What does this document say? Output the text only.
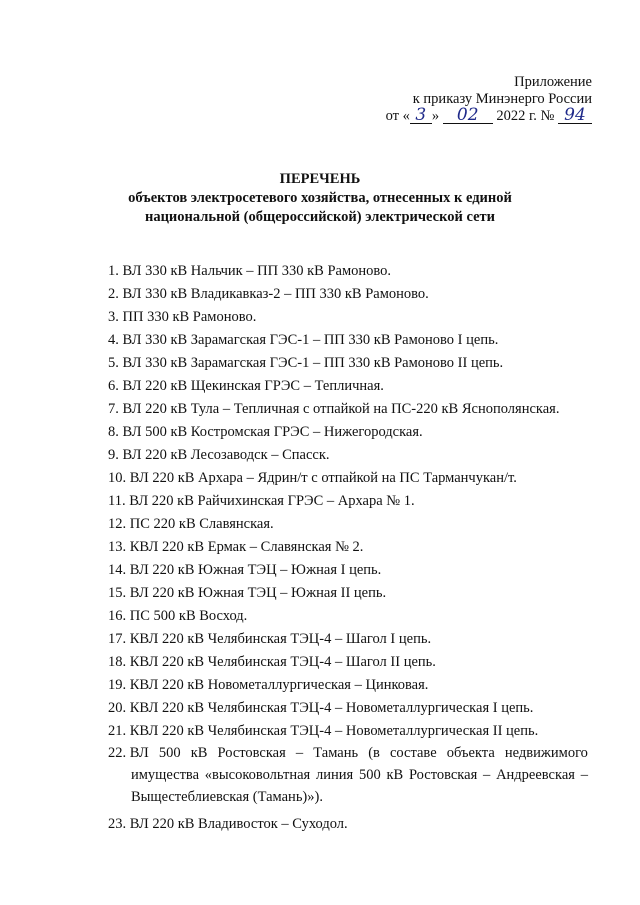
Приложение
к приказу Минэнерго России
от « 3 » 02 2022 г. № 94
ПЕРЕЧЕНЬ
объектов электросетевого хозяйства, отнесенных к единой
национальной (общероссийской) электрической сети
1. ВЛ 330 кВ Нальчик – ПП 330 кВ Рамоново.
2. ВЛ 330 кВ Владикавказ-2 – ПП 330 кВ Рамоново.
3. ПП 330 кВ Рамоново.
4. ВЛ 330 кВ Зарамагская ГЭС-1 – ПП 330 кВ Рамоново I цепь.
5. ВЛ 330 кВ Зарамагская ГЭС-1 – ПП 330 кВ Рамоново II цепь.
6. ВЛ 220 кВ Щекинская ГРЭС – Тепличная.
7. ВЛ 220 кВ Тула – Тепличная с отпайкой на ПС-220 кВ Яснополянская.
8. ВЛ 500 кВ Костромская ГРЭС – Нижегородская.
9. ВЛ 220 кВ Лесозаводск – Спасск.
10. ВЛ 220 кВ Архара – Ядрин/т с отпайкой на ПС Тарманчукан/т.
11. ВЛ 220 кВ Райчихинская ГРЭС – Архара № 1.
12. ПС 220 кВ Славянская.
13. КВЛ 220 кВ Ермак – Славянская № 2.
14. ВЛ 220 кВ Южная ТЭЦ – Южная I цепь.
15. ВЛ 220 кВ Южная ТЭЦ – Южная II цепь.
16. ПС 500 кВ Восход.
17. КВЛ 220 кВ Челябинская ТЭЦ-4 – Шагол I цепь.
18. КВЛ 220 кВ Челябинская ТЭЦ-4 – Шагол II цепь.
19. КВЛ 220 кВ Новометаллургическая – Цинковая.
20. КВЛ 220 кВ Челябинская ТЭЦ-4 – Новометаллургическая I цепь.
21. КВЛ 220 кВ Челябинская ТЭЦ-4 – Новометаллургическая II цепь.
22. ВЛ 500 кВ Ростовская – Тамань (в составе объекта недвижимого
имущества «высоковольтная линия 500 кВ Ростовская – Андреевская –
Выщестеблиевская (Тамань)»).
23. ВЛ 220 кВ Владивосток – Суходол.
